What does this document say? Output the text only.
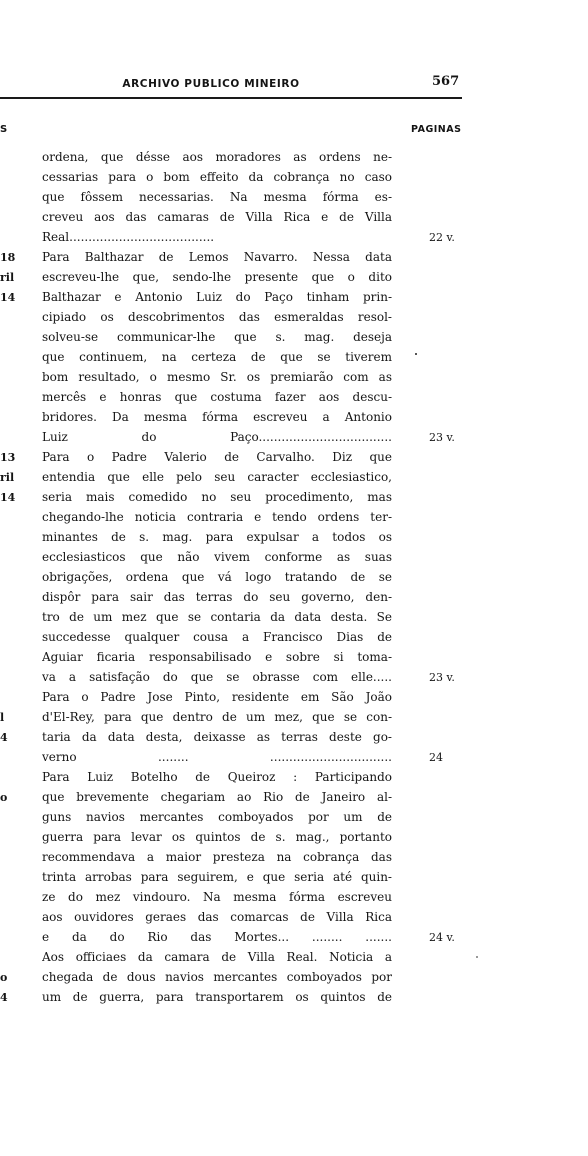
ARCHIVO PUBLICO MINEIRO	567
S	PAGINAS
ordena, que désse aos moradores as ordens ne-
cessarias para o bom effeito da cobrança no caso
que fôssem necessarias. Na mesma fórma es-
creveu aos das camaras de Villa Rica e de Villa
Real......................................
Para Balthazar de Lemos Navarro. Nessa data
escreveu-lhe que, sendo-lhe presente que o dito
Balthazar e Antonio Luiz do Paço tinham prin-
cipiado os descobrimentos das esmeraldas resol-
solveu-se communicar-lhe que s. mag. deseja
que continuem, na certeza de que se tiverem
bom resultado, o mesmo Sr. os premiarão com as
mercês e honras que costuma fazer aos descu-
bridores. Da mesma fórma escreveu a Antonio
Luiz do Paço...................................
Para o Padre Valerio de Carvalho. Diz que
entendia que elle pelo seu caracter ecclesiastico,
seria mais comedido no seu procedimento, mas
chegando-lhe noticia contraria e tendo ordens ter-
minantes de s. mag. para expulsar a todos os
ecclesiasticos que não vivem conforme as suas
obrigações, ordena que vá logo tratando de se
dispôr para sair das terras do seu governo, den-
tro de um mez que se contaria da data desta. Se
succedesse qualquer cousa a Francisco Dias de
Aguiar ficaria responsabilisado e sobre si toma-
va a satisfação do que se obrasse com elle.....
Para o Padre Jose Pinto, residente em São João
d'El-Rey, para que dentro de um mez, que se con-
taria da data desta, deixasse as terras deste go-
verno ........ ................................
Para Luiz Botelho de Queiroz : Participando
que brevemente chegariam ao Rio de Janeiro al-
guns navios mercantes comboyados por um de
guerra para levar os quintos de s. mag., portanto
recommendava a maior presteza na cobrança das
trinta arrobas para seguirem, e que seria até quin-
ze do mez vindouro. Na mesma fórma escreveu
aos ouvidores geraes das comarcas de Villa Rica
e da do Rio das Mortes... ........ .......
Aos officiaes da camara de Villa Real. Noticia a
chegada de dous navios mercantes comboyados por
um de guerra, para transportarem os quintos de
18
ril
14
13
ril
14
l
4
o
o
4
22 v.
23 v.
23 v.
24
24 v.
